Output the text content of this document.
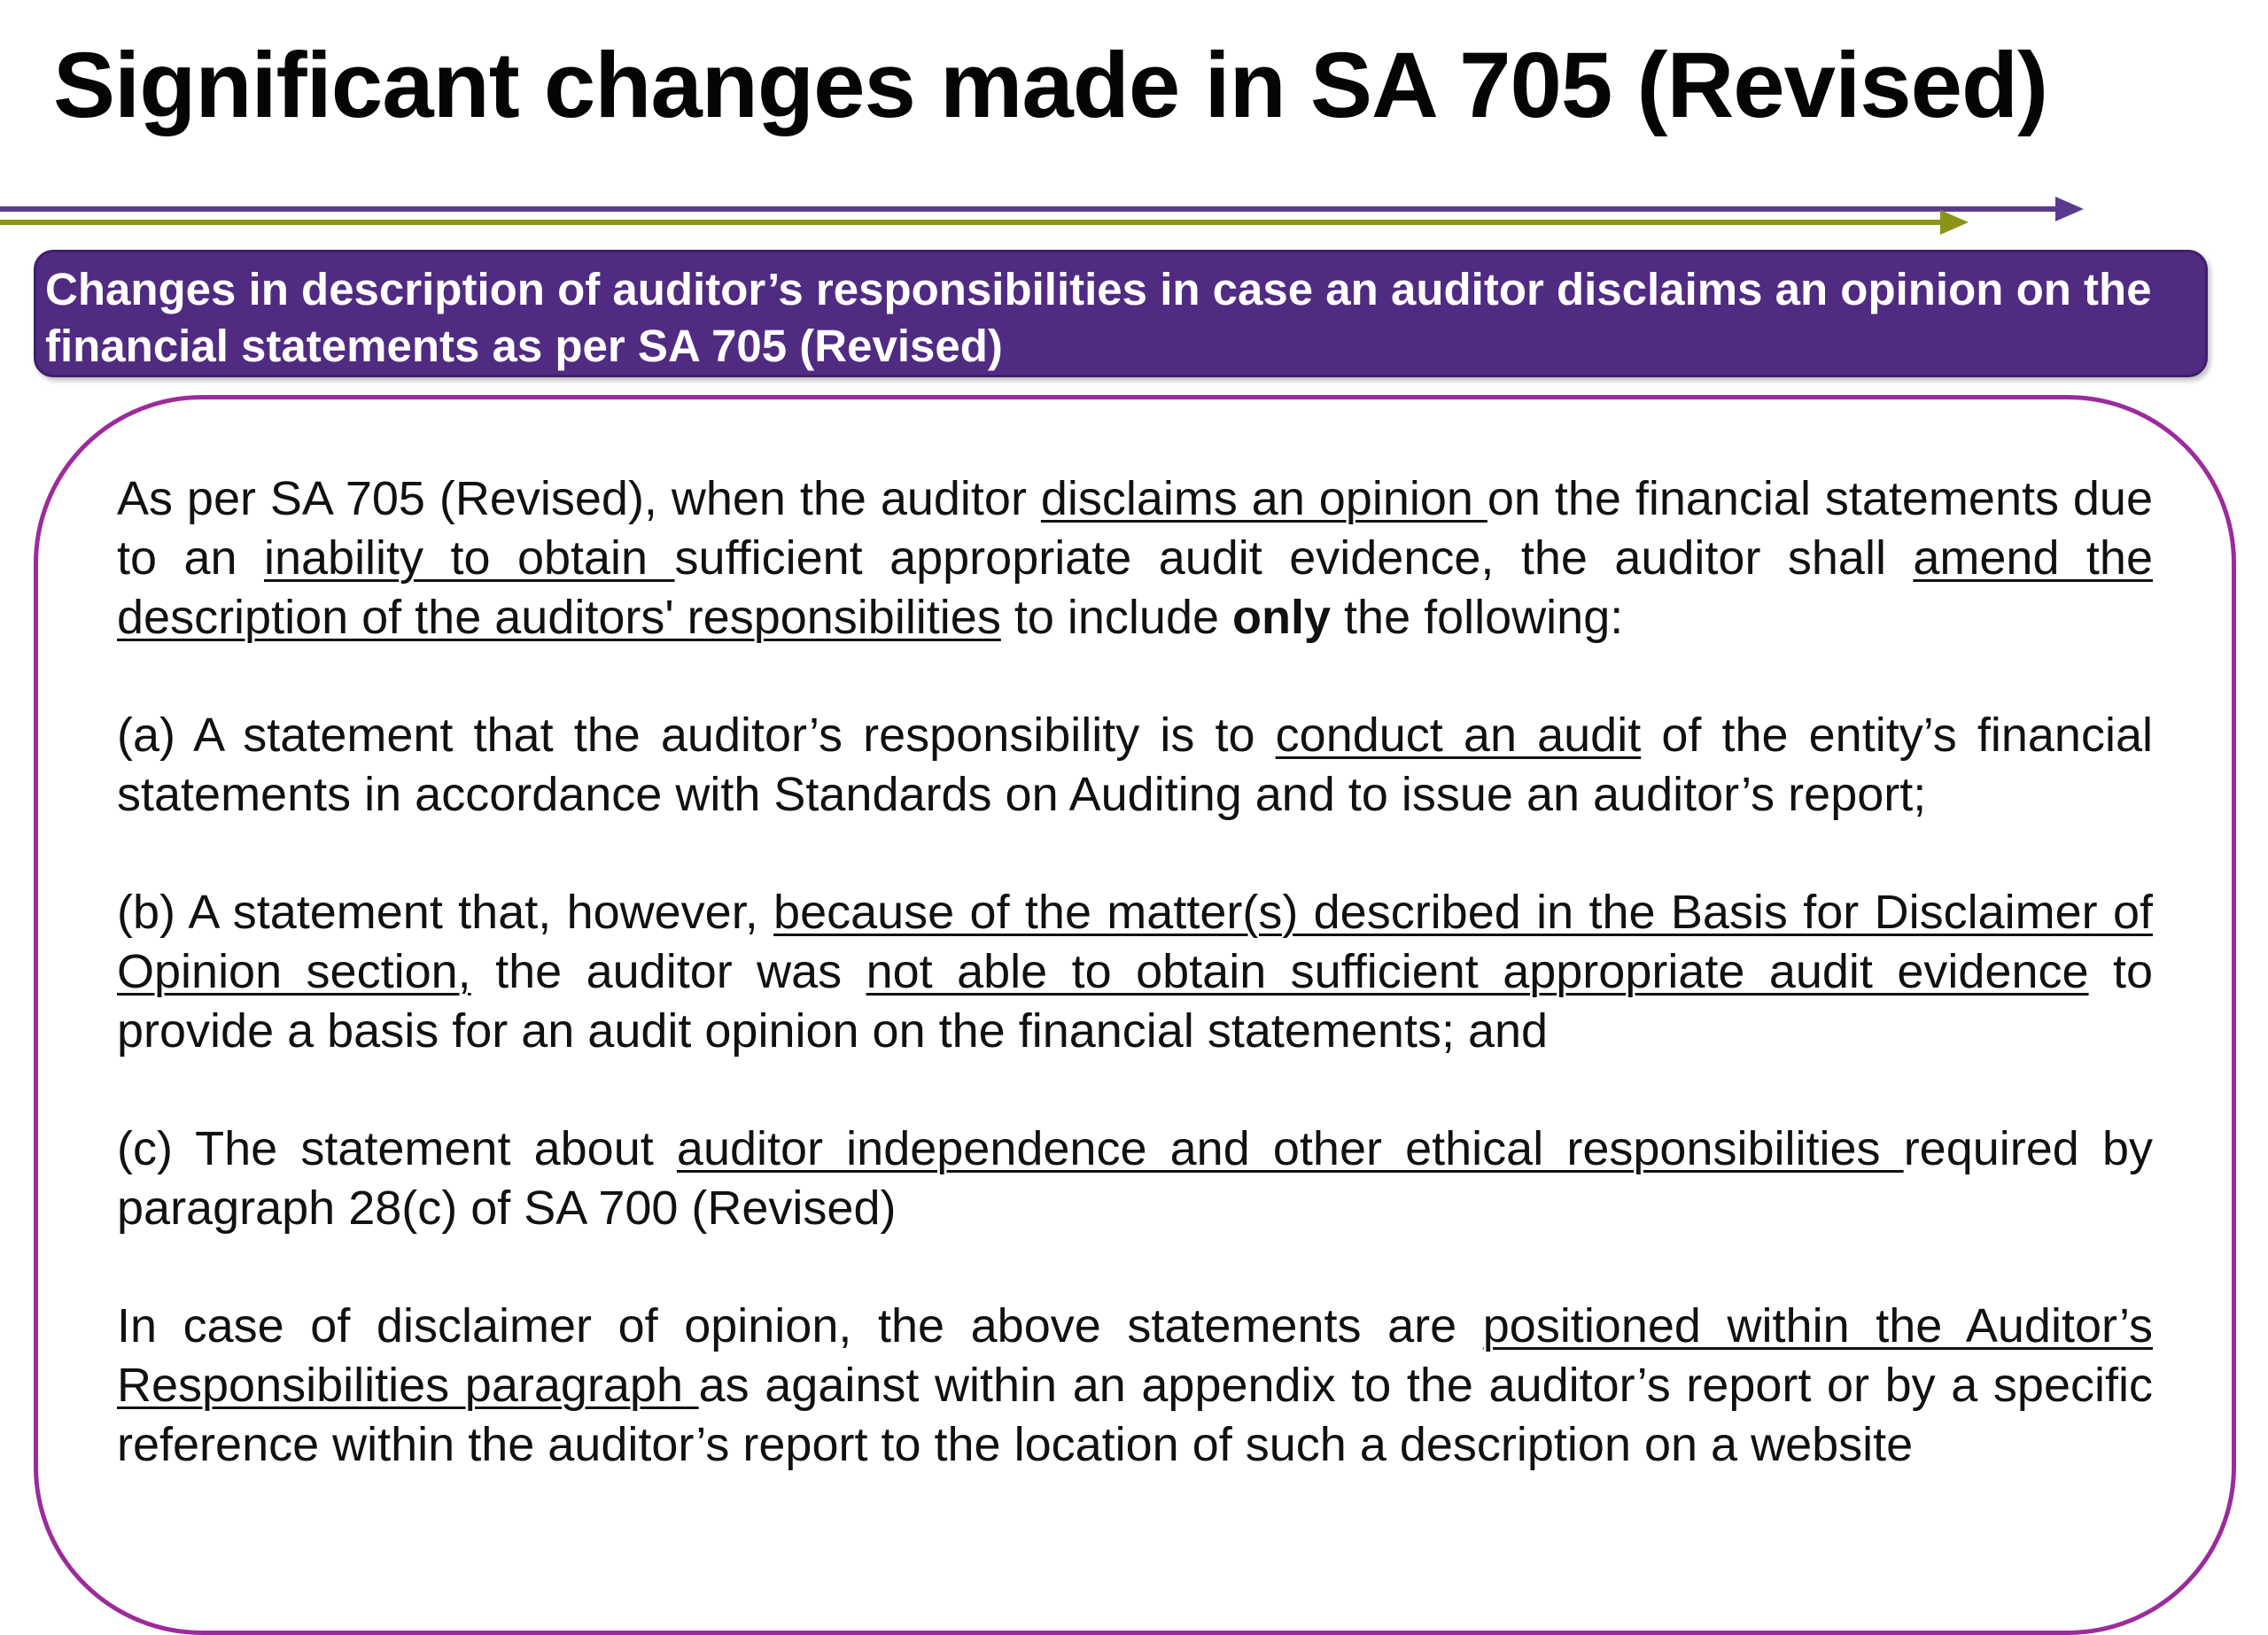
Significant changes made in SA 705 (Revised)
Changes in description of auditor’s responsibilities in case an auditor disclaims an opinion on the financial statements as per SA 705 (Revised)

As per SA 705 (Revised), when the auditor disclaims an opinion on the financial statements due to an inability to obtain sufficient appropriate audit evidence, the auditor shall amend the description of the auditors' responsibilities to include only the following:

(a) A statement that the auditor’s responsibility is to conduct an audit of the entity’s financial statements in accordance with Standards on Auditing and to issue an auditor’s report;

(b) A statement that, however, because of the matter(s) described in the Basis for Disclaimer of Opinion section, the auditor was not able to obtain sufficient appropriate audit evidence to provide a basis for an audit opinion on the financial statements; and

(c) The statement about auditor independence and other ethical responsibilities required by paragraph 28(c) of SA 700 (Revised)

In case of disclaimer of opinion, the above statements are positioned within the Auditor’s Responsibilities paragraph as against within an appendix to the auditor’s report or by a specific reference within the auditor’s report to the location of such a description on a website
